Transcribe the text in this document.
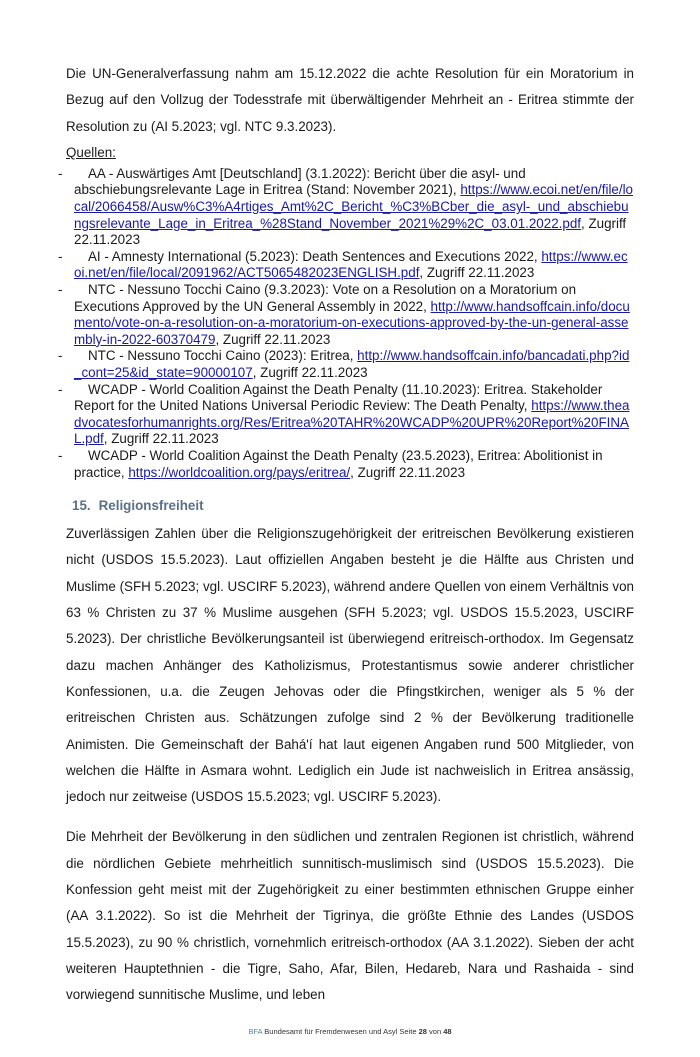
Die UN-Generalverfassung nahm am 15.12.2022 die achte Resolution für ein Moratorium in Bezug auf den Vollzug der Todesstrafe mit überwältigender Mehrheit an - Eritrea stimmte der Resolution zu (AI 5.2023; vgl. NTC 9.3.2023).

Quellen:
- AA - Auswärtiges Amt [Deutschland] (3.1.2022): Bericht über die asyl- und abschiebungsrelevante Lage in Eritrea (Stand: November 2021), https://www.ecoi.net/en/file/local/2066458/Ausw%C3%A4rtiges_Amt%2C_Bericht_%C3%BCber_die_asyl-_und_abschiebungsrelevante_Lage_in_Eritrea_%28Stand_November_2021%29%2C_03.01.2022.pdf, Zugriff 22.11.2023
- AI - Amnesty International (5.2023): Death Sentences and Executions 2022, https://www.ecoi.net/en/file/local/2091962/ACT5065482023ENGLISH.pdf, Zugriff 22.11.2023
- NTC - Nessuno Tocchi Caino (9.3.2023): Vote on a Resolution on a Moratorium on Executions Approved by the UN General Assembly in 2022, http://www.handsoffcain.info/documento/vote-on-a-resolution-on-a-moratorium-on-executions-approved-by-the-un-general-assembly-in-2022-60370479, Zugriff 22.11.2023
- NTC - Nessuno Tocchi Caino (2023): Eritrea, http://www.handsoffcain.info/bancadati.php?id_cont=25&id_state=90000107, Zugriff 22.11.2023
- WCADP - World Coalition Against the Death Penalty (11.10.2023): Eritrea. Stakeholder Report for the United Nations Universal Periodic Review: The Death Penalty, https://www.theadvocatesforhumanrights.org/Res/Eritrea%20TAHR%20WCADP%20UPR%20Report%20FINAL.pdf, Zugriff 22.11.2023
- WCADP - World Coalition Against the Death Penalty (23.5.2023), Eritrea: Abolitionist in practice, https://worldcoalition.org/pays/eritrea/, Zugriff 22.11.2023
15. Religionsfreiheit

Zuverlässigen Zahlen über die Religionszugehörigkeit der eritreischen Bevölkerung existieren nicht (USDOS 15.5.2023). Laut offiziellen Angaben besteht je die Hälfte aus Christen und Muslime (SFH 5.2023; vgl. USCIRF 5.2023), während andere Quellen von einem Verhältnis von 63 % Christen zu 37 % Muslime ausgehen (SFH 5.2023; vgl. USDOS 15.5.2023, USCIRF 5.2023). Der christliche Bevölkerungsanteil ist überwiegend eritreisch-orthodox. Im Gegensatz dazu machen Anhänger des Katholizismus, Protestantismus sowie anderer christlicher Konfessionen, u.a. die Zeugen Jehovas oder die Pfingstkirchen, weniger als 5 % der eritreischen Christen aus. Schätzungen zufolge sind 2 % der Bevölkerung traditionelle Animisten. Die Gemeinschaft der Bahá'í hat laut eigenen Angaben rund 500 Mitglieder, von welchen die Hälfte in Asmara wohnt. Lediglich ein Jude ist nachweislich in Eritrea ansässig, jedoch nur zeitweise (USDOS 15.5.2023; vgl. USCIRF 5.2023).

Die Mehrheit der Bevölkerung in den südlichen und zentralen Regionen ist christlich, während die nördlichen Gebiete mehrheitlich sunnitisch-muslimisch sind (USDOS 15.5.2023). Die Konfession geht meist mit der Zugehörigkeit zu einer bestimmten ethnischen Gruppe einher (AA 3.1.2022). So ist die Mehrheit der Tigrinya, die größte Ethnie des Landes (USDOS 15.5.2023), zu 90 % christlich, vornehmlich eritreisch-orthodox (AA 3.1.2022). Sieben der acht weiteren Hauptethnien - die Tigre, Saho, Afar, Bilen, Hedareb, Nara und Rashaida - sind vorwiegend sunnitische Muslime, und leben

BFA Bundesamt für Fremdenwesen und Asyl Seite 28 von 48
